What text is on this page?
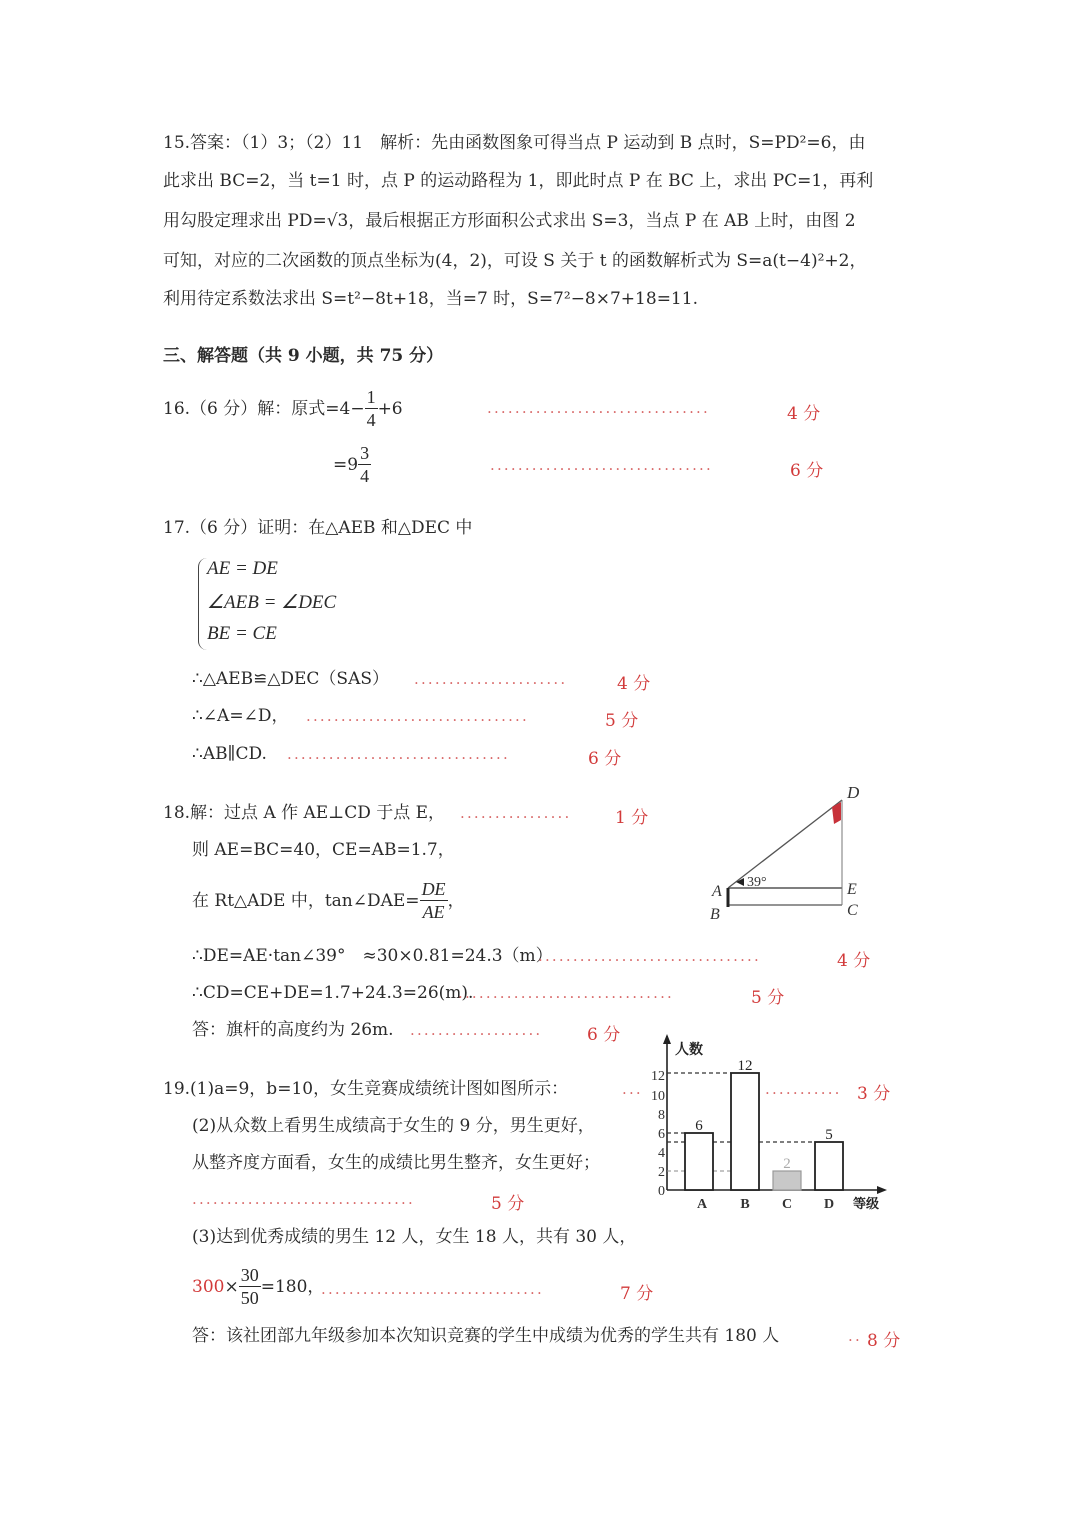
15.答案：（1）3；（2）11　解析：先由函数图象可得当点 P 运动到 B 点时，S=PD²=6，由
此求出 BC=2，当 t=1 时，点 P 的运动路程为 1，即此时点 P 在 BC 上，求出 PC=1，再利
用勾股定理求出 PD=√3，最后根据正方形面积公式求出 S=3，当点 P 在 AB 上时，由图 2
可知，对应的二次函数的顶点坐标为(4，2)，可设 S 关于 t 的函数解析式为 S=a(t−4)²+2，
利用待定系数法求出 S=t²−8t+18，当=7 时，S=7²−8×7+18=11.
三、解答题（共 9 小题，共 75 分）
16.（6 分）解：原式$=4- \frac{1}{4} +6$	................................	4 分
$=9 \frac{3}{4}$	................................	6 分
17.（6 分）证明：在△AEB 和△DEC 中
AE = DE
∠AEB = ∠DEC
BE = CE
∴△AEB≌△DEC（SAS） ......................	4 分
∴∠A=∠D， ................................	5 分
∴AB∥CD. ................................	6 分
18.解：过点 A 作 AE⊥CD 于点 E， ................	1 分
则 AE=BC=40，CE=AB=1.7，
在 Rt△ADE 中，tan∠DAE= $\frac{DE}{AE}$ ，
D
A
B
E
C
39°
∴DE=AE·tan∠39°　≈30×0.81=24.3（m）
................................	4 分
∴CD=CE+DE=1.7+24.3=26(m).
...............................	5 分
答：旗杆的高度约为 26m. ...................	6 分
19.(1)a=9，b=10，女生竞赛成绩统计图如图所示：	...	........... 3 分
人数
等级
0
2
4
6
8
10
12
6
12
2
5
A B C D
(2)从众数上看男生成绩高于女生的 9 分，男生更好，
从整齐度方面看，女生的成绩比男生整齐，女生更好；
................................	5 分
(3)达到优秀成绩的男生 12 人，女生 18 人，共有 30 人，
$300 \times \frac{30}{50} =180$，
................................	7 分
答：该社团部九年级参加本次知识竞赛的学生中成绩为优秀的学生共有 180 人	.. 8 分
